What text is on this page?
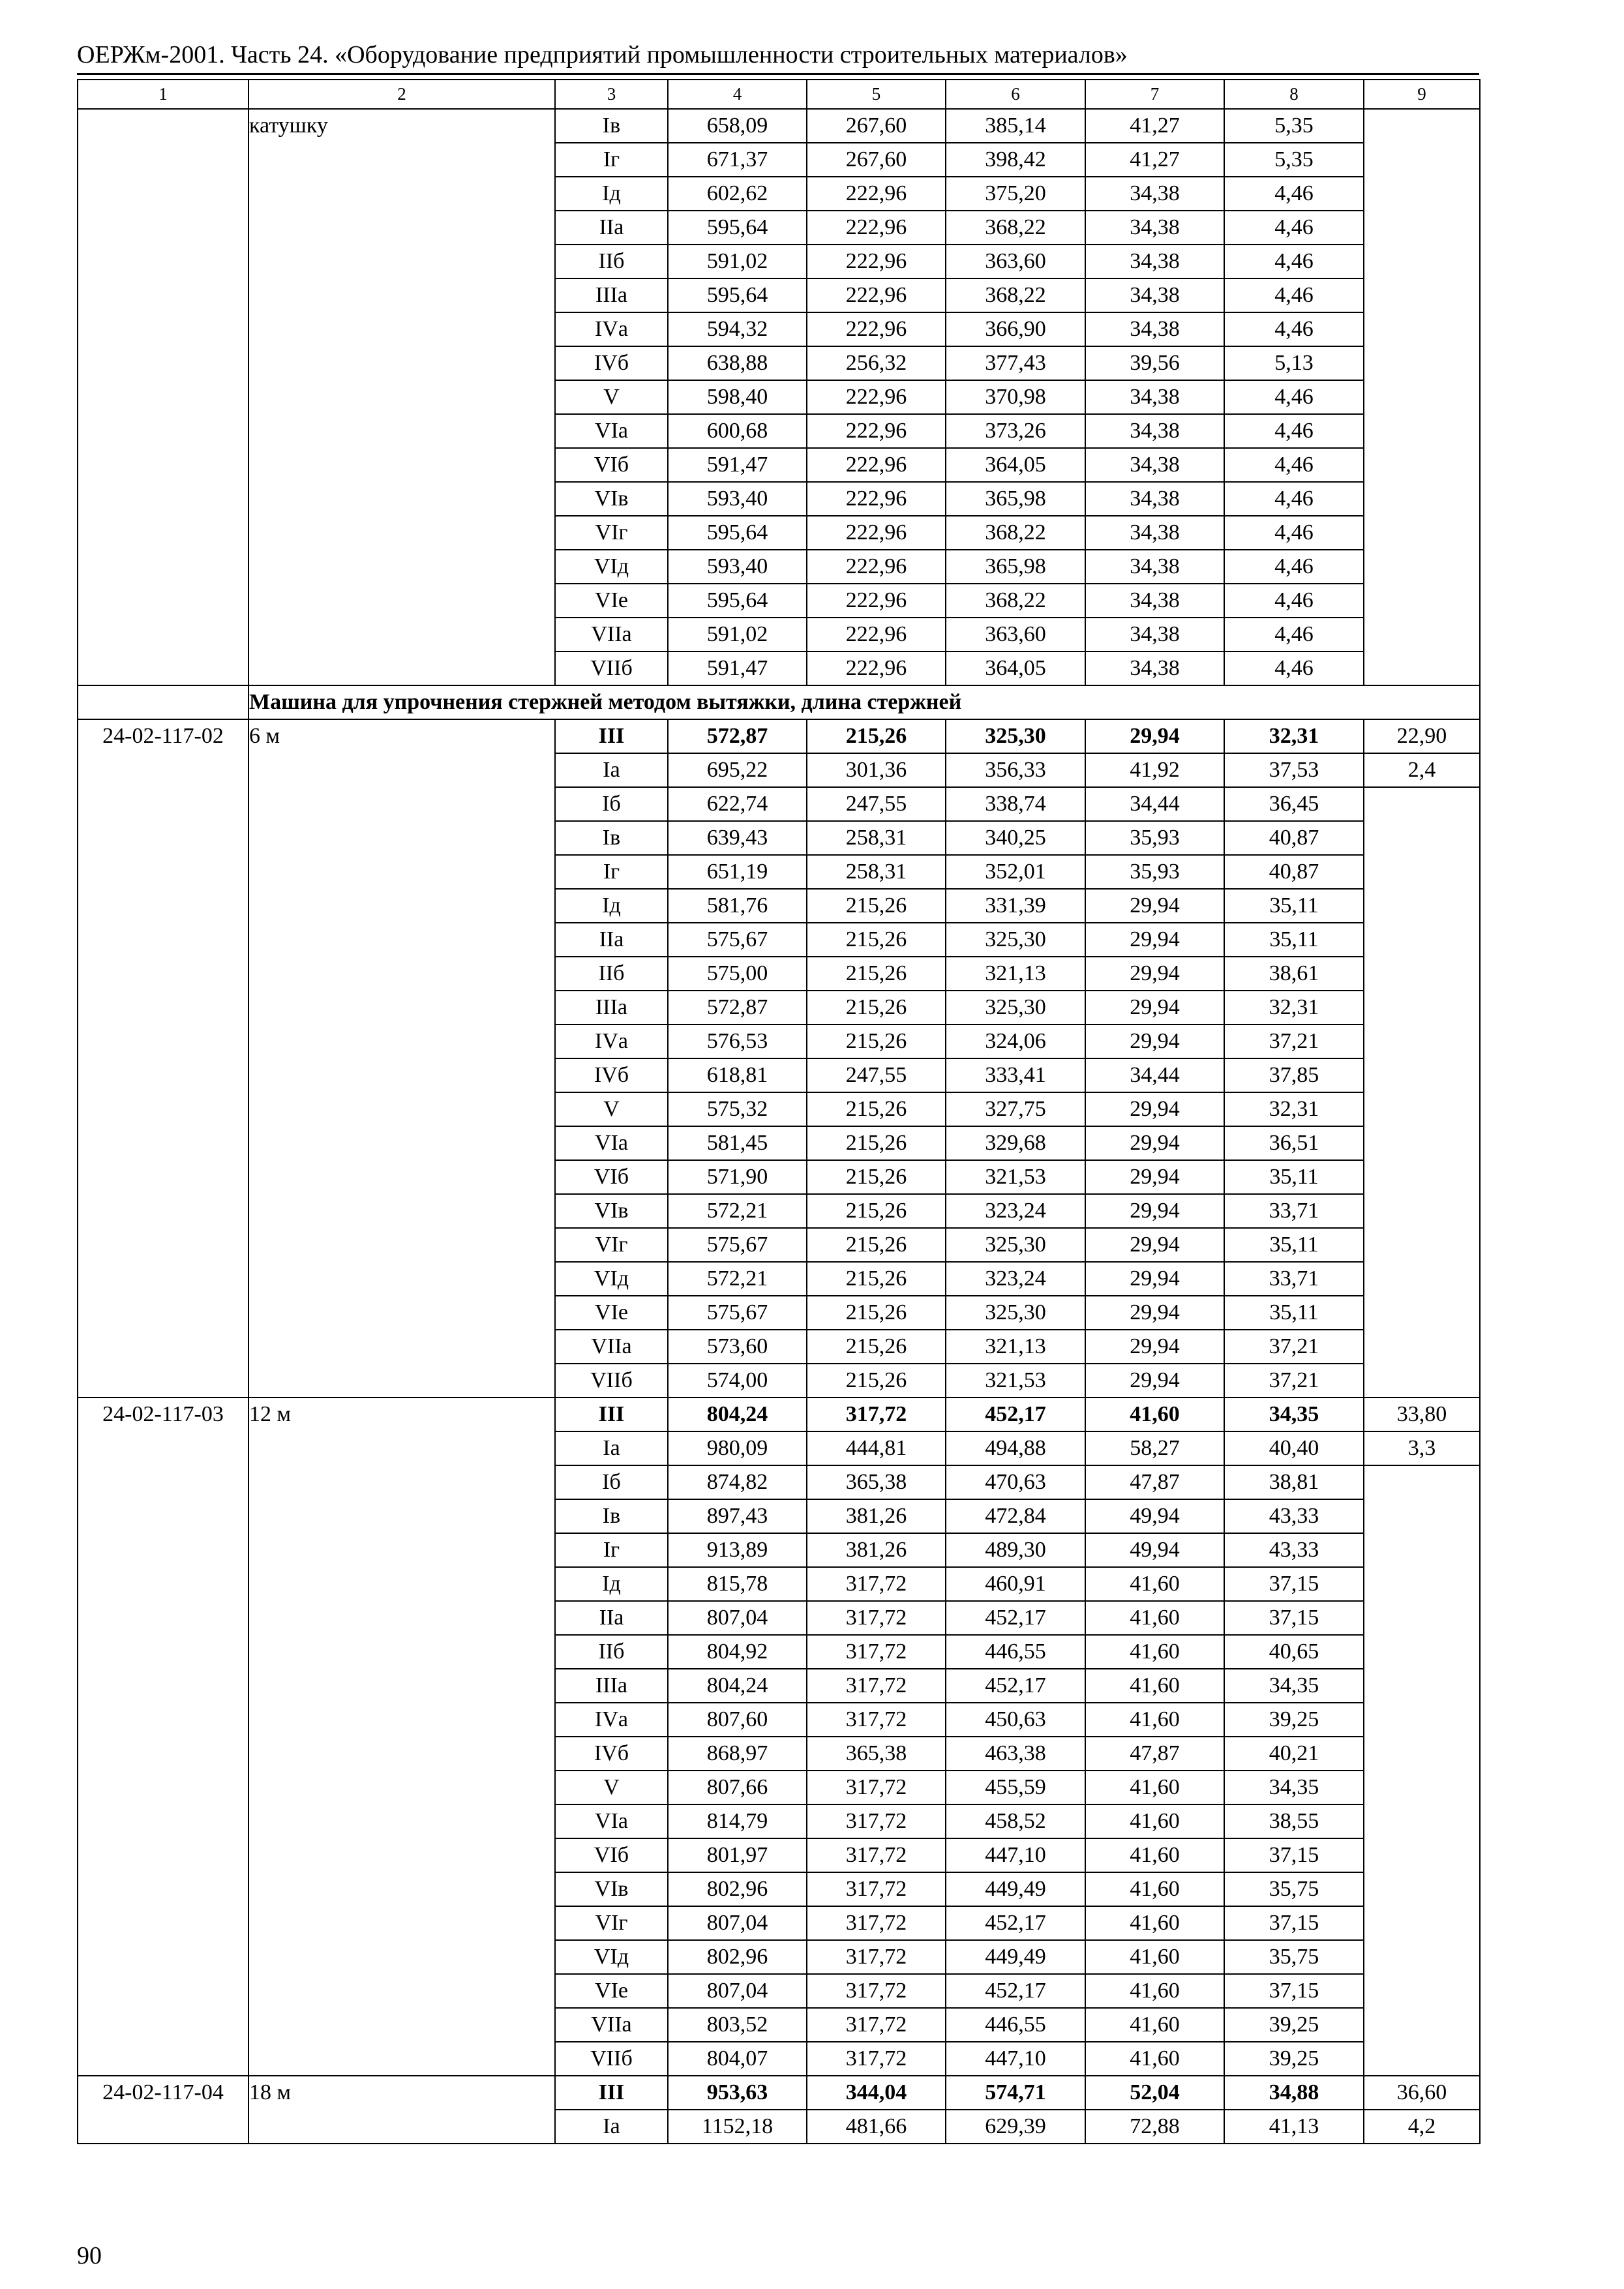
ОЕРЖм-2001. Часть 24. «Оборудование предприятий промышленности строительных материалов»
1	2	3	4	5	6	7	8	9
	катушку	Iв	658,09	267,60	385,14	41,27	5,35	
		Iг	671,37	267,60	398,42	41,27	5,35	
		Iд	602,62	222,96	375,20	34,38	4,46	
		IIа	595,64	222,96	368,22	34,38	4,46	
		IIб	591,02	222,96	363,60	34,38	4,46	
		IIIа	595,64	222,96	368,22	34,38	4,46	
		IVа	594,32	222,96	366,90	34,38	4,46	
		IVб	638,88	256,32	377,43	39,56	5,13	
		V	598,40	222,96	370,98	34,38	4,46	
		VIа	600,68	222,96	373,26	34,38	4,46	
		VIб	591,47	222,96	364,05	34,38	4,46	
		VIв	593,40	222,96	365,98	34,38	4,46	
		VIг	595,64	222,96	368,22	34,38	4,46	
		VIд	593,40	222,96	365,98	34,38	4,46	
		VIе	595,64	222,96	368,22	34,38	4,46	
		VIIа	591,02	222,96	363,60	34,38	4,46	
		VIIб	591,47	222,96	364,05	34,38	4,46	
	Машина для упрочнения стержней методом вытяжки, длина стержней							
24-02-117-02	6 м	III	572,87	215,26	325,30	29,94	32,31	22,90
		Iа	695,22	301,36	356,33	41,92	37,53	2,4
		Iб	622,74	247,55	338,74	34,44	36,45	
		Iв	639,43	258,31	340,25	35,93	40,87	
		Iг	651,19	258,31	352,01	35,93	40,87	
		Iд	581,76	215,26	331,39	29,94	35,11	
		IIа	575,67	215,26	325,30	29,94	35,11	
		IIб	575,00	215,26	321,13	29,94	38,61	
		IIIа	572,87	215,26	325,30	29,94	32,31	
		IVа	576,53	215,26	324,06	29,94	37,21	
		IVб	618,81	247,55	333,41	34,44	37,85	
		V	575,32	215,26	327,75	29,94	32,31	
		VIа	581,45	215,26	329,68	29,94	36,51	
		VIб	571,90	215,26	321,53	29,94	35,11	
		VIв	572,21	215,26	323,24	29,94	33,71	
		VIг	575,67	215,26	325,30	29,94	35,11	
		VIд	572,21	215,26	323,24	29,94	33,71	
		VIе	575,67	215,26	325,30	29,94	35,11	
		VIIа	573,60	215,26	321,13	29,94	37,21	
		VIIб	574,00	215,26	321,53	29,94	37,21	
24-02-117-03	12 м	III	804,24	317,72	452,17	41,60	34,35	33,80
		Iа	980,09	444,81	494,88	58,27	40,40	3,3
		Iб	874,82	365,38	470,63	47,87	38,81	
		Iв	897,43	381,26	472,84	49,94	43,33	
		Iг	913,89	381,26	489,30	49,94	43,33	
		Iд	815,78	317,72	460,91	41,60	37,15	
		IIа	807,04	317,72	452,17	41,60	37,15	
		IIб	804,92	317,72	446,55	41,60	40,65	
		IIIа	804,24	317,72	452,17	41,60	34,35	
		IVа	807,60	317,72	450,63	41,60	39,25	
		IVб	868,97	365,38	463,38	47,87	40,21	
		V	807,66	317,72	455,59	41,60	34,35	
		VIа	814,79	317,72	458,52	41,60	38,55	
		VIб	801,97	317,72	447,10	41,60	37,15	
		VIв	802,96	317,72	449,49	41,60	35,75	
		VIг	807,04	317,72	452,17	41,60	37,15	
		VIд	802,96	317,72	449,49	41,60	35,75	
		VIе	807,04	317,72	452,17	41,60	37,15	
		VIIа	803,52	317,72	446,55	41,60	39,25	
		VIIб	804,07	317,72	447,10	41,60	39,25	
24-02-117-04	18 м	III	953,63	344,04	574,71	52,04	34,88	36,60
		Iа	1152,18	481,66	629,39	72,88	41,13	4,2
90
